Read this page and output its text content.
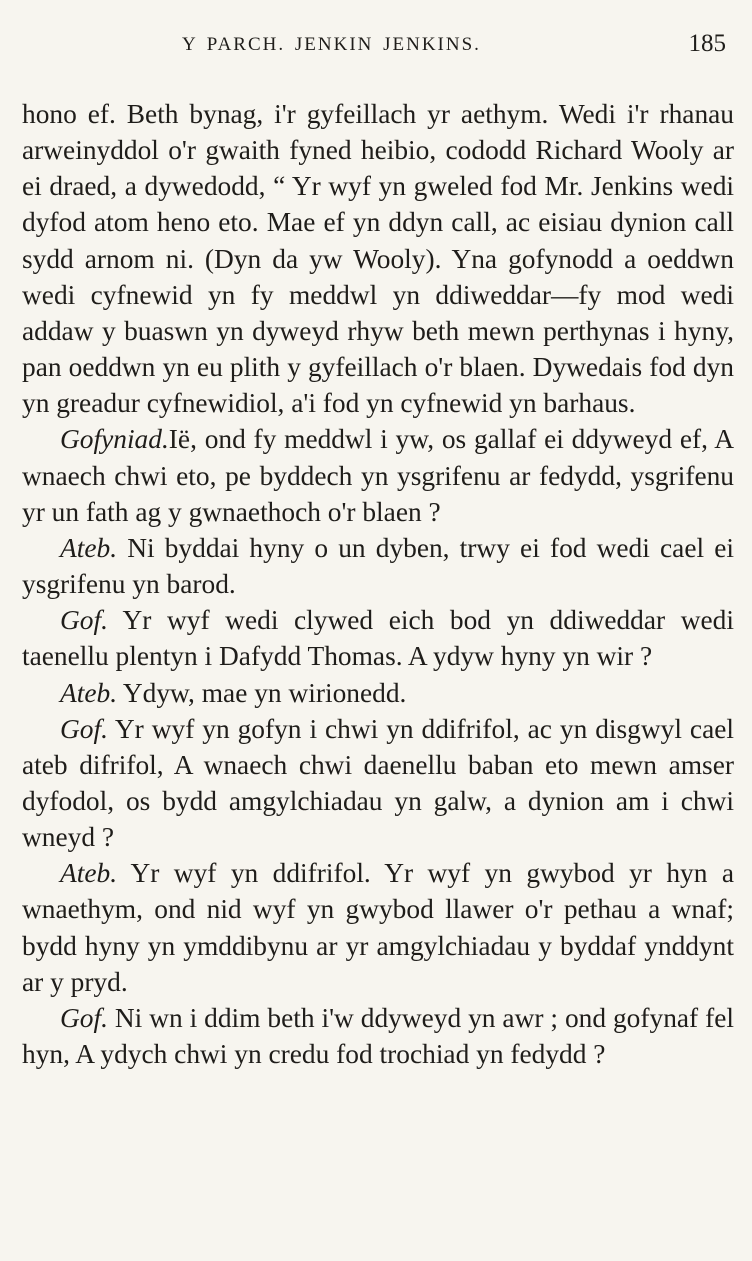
Y PARCH. JENKIN JENKINS.	185

hono ef. Beth bynag, i'r gyfeillach yr aethym. Wedi i'r rhanau arweinyddol o'r gwaith fyned heibio, cododd Richard Wooly ar ei draed, a dywedodd, “ Yr wyf yn gweled fod Mr. Jenkins wedi dyfod atom heno eto. Mae ef yn ddyn call, ac eisiau dynion call sydd arnom ni. (Dyn da yw Wooly). Yna gofynodd a oeddwn wedi cyfnewid yn fy meddwl yn ddiweddar—fy mod wedi addaw y buaswn yn dyweyd rhyw beth mewn perthynas i hyny, pan oeddwn yn eu plith y gyfeillach o'r blaen. Dywedais fod dyn yn greadur cyfnewidiol, a'i fod yn cyfnewid yn barhaus.

Gofyniad.Ië, ond fy meddwl i yw, os gallaf ei ddyweyd ef, A wnaech chwi eto, pe byddech yn ysgrifenu ar fedydd, ysgrifenu yr un fath ag y gwnaethoch o'r blaen ?

Ateb. Ni byddai hyny o un dyben, trwy ei fod wedi cael ei ysgrifenu yn barod.

Gof. Yr wyf wedi clywed eich bod yn ddiweddar wedi taenellu plentyn i Dafydd Thomas. A ydyw hyny yn wir ?

Ateb. Ydyw, mae yn wirionedd.

Gof. Yr wyf yn gofyn i chwi yn ddifrifol, ac yn disgwyl cael ateb difrifol, A wnaech chwi daenellu baban eto mewn amser dyfodol, os bydd amgylchiadau yn galw, a dynion am i chwi wneyd ?

Ateb. Yr wyf yn ddifrifol. Yr wyf yn gwybod yr hyn a wnaethym, ond nid wyf yn gwybod llawer o'r pethau a wnaf; bydd hyny yn ymddibynu ar yr amgylchiadau y byddaf ynddynt ar y pryd.

Gof. Ni wn i ddim beth i'w ddyweyd yn awr ; ond gofynaf fel hyn, A ydych chwi yn credu fod trochiad yn fedydd ?
